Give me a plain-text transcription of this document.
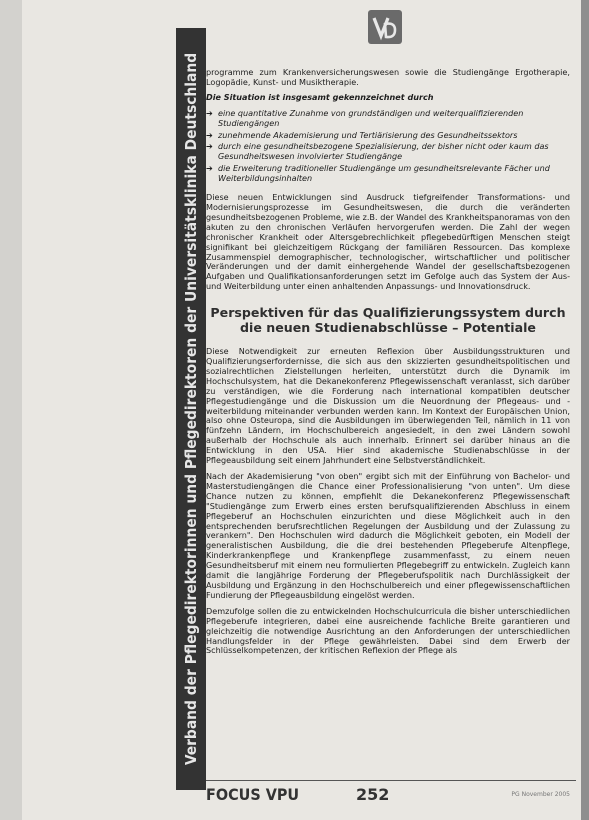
Verband der Pflegedirektorinnen und Pflegedirektoren der Universitätsklinika Deutschland programme zum Krankenversicherungswesen sowie die Studiengänge Ergotherapie, Logopädie, Kunst- und Musiktherapie.

Die Situation ist insgesamt gekennzeichnet durch

➔ eine quantitative Zunahme von grundständigen und weiterqualifizierenden Studiengängen
➔ zunehmende Akademisierung und Tertiärisierung des Gesundheitssektors
➔ durch eine gesundheitsbezogene Spezialisierung, der bisher nicht oder kaum das Gesundheitswesen involvierter Studiengänge
➔ die Erweiterung traditioneller Studiengänge um gesundheitsrelevante Fächer und Weiterbildungsinhalten

Diese neuen Entwicklungen sind Ausdruck tiefgreifender Transformations- und Modernisierungsprozesse im Gesundheitswesen, die durch die veränderten gesundheitsbezogenen Probleme, wie z.B. der Wandel des Krankheitspanoramas von den akuten zu den chronischen Verläufen hervorgerufen werden. Die Zahl der wegen chronischer Krankheit oder Altersgebrechlichkeit pflegebedürftigen Menschen steigt signifikant bei gleichzeitigem Rückgang der familiären Ressourcen. Das komplexe Zusammenspiel demographischer, technologischer, wirtschaftlicher und politischer Veränderungen und der damit einhergehende Wandel der gesellschaftsbezogenen Aufgaben und Qualifikationsanforderungen setzt im Gefolge auch das System der Aus- und Weiterbildung unter einen anhaltenden Anpassungs- und Innovationsdruck.

Perspektiven für das Qualifizierungssystem durch die neuen Studienabschlüsse – Potentiale

Diese Notwendigkeit zur erneuten Reflexion über Ausbildungsstrukturen und Qualifizierungserfordernisse, die sich aus den skizzierten gesundheitspolitischen und sozialrechtlichen Zielstellungen herleiten, unterstützt durch die Dynamik im Hochschulsystem, hat die Dekanekonferenz Pflegewissenschaft veranlasst, sich darüber zu verständigen, wie die Forderung nach international kompatiblen deutscher Pflegestudiengänge und die Diskussion um die Neuordnung der Pflegeaus- und -weiterbildung miteinander verbunden werden kann. Im Kontext der Europäischen Union, also ohne Osteuropa, sind die Ausbildungen im überwiegenden Teil, nämlich in 11 von fünfzehn Ländern, im Hochschulbereich angesiedelt, in den zwei Ländern sowohl außerhalb der Hochschule als auch innerhalb. Erinnert sei darüber hinaus an die Entwicklung in den USA. Hier sind akademische Studienabschlüsse in der Pflegeausbildung seit einem Jahrhundert eine Selbstverständlichkeit.

Nach der Akademisierung "von oben" ergibt sich mit der Einführung von Bachelor- und Masterstudiengängen die Chance einer Professionalisierung "von unten". Um diese Chance nutzen zu können, empfiehlt die Dekanekonferenz Pflegewissenschaft "Studiengänge zum Erwerb eines ersten berufsqualifizierenden Abschluss in einem Pflegeberuf an Hochschulen einzurichten und diese Möglichkeit auch in den entsprechenden berufsrechtlichen Regelungen der Ausbildung und der Zulassung zu verankern". Den Hochschulen wird dadurch die Möglichkeit geboten, ein Modell der generalistischen Ausbildung, die die drei bestehenden Pflegeberufe Altenpflege, Kinderkrankenpflege und Krankenpflege zusammenfasst, zu einem neuen Gesundheitsberuf mit einem neu formulierten Pflegebegriff zu entwickeln. Zugleich kann damit die langjährige Forderung der Pflegeberufspolitik nach Durchlässigkeit der Ausbildung und Ergänzung in den Hochschulbereich und einer pflegewissenschaftlichen Fundierung der Pflegeausbildung eingelöst werden.

Demzufolge sollen die zu entwickelnden Hochschulcurricula die bisher unterschiedlichen Pflegeberufe integrieren, dabei eine ausreichende fachliche Breite garantieren und gleichzeitig die notwendige Ausrichtung an den Anforderungen der unterschiedlichen Handlungsfelder in der Pflege gewährleisten. Dabei sind dem Erwerb der Schlüsselkompetenzen, der kritischen Reflexion der Pflege als

FOCUS VPU	252	PG November 2005
